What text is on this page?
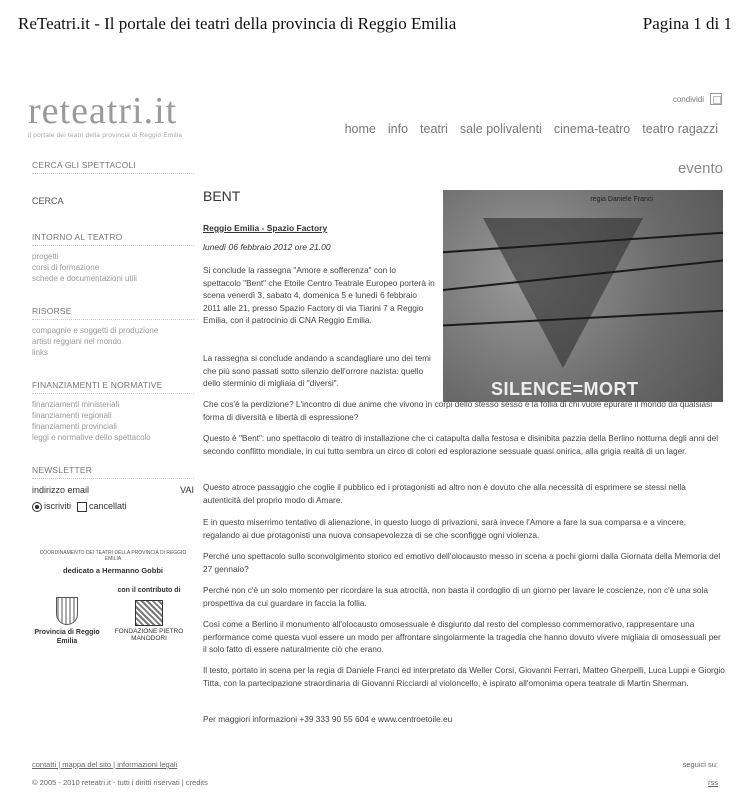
ReTeatri.it - Il portale dei teatri della provincia di Reggio Emilia	Pagina 1 di 1
reteatri.it
il portale dei teatri della provincia di Reggio Emilia
condividi
home info teatri sale polivalenti cinema-teatro teatro ragazzi
CERCA GLI SPETTACOLI
CERCA
INTORNO AL TEATRO
progetti
corsi di formazione
schede e documentazioni utili
RISORSE
compagnie e soggetti di produzione
artisti reggiani nel mondo
links
FINANZIAMENTI E NORMATIVE
finanziamenti ministeriali
finanziamenti regionali
finanziamenti provinciali
leggi e normative dello spettacolo
NEWSLETTER
indirizzo email	VAI
iscriviti	cancellati
COORDINAMENTO DEI TEATRI DELLA PROVINCIA DI REGGIO EMILIA
dedicato a Hermanno Gobbi
Provincia di Reggio Emilia
con il contributo di
FONDAZIONE PIETRO MANODORI
evento
BENT
Reggio Emilia - Spazio Factory
lunedì 06 febbraio 2012 ore 21.00
Si conclude la rassegna "Amore e sofferenza" con lo spettacolo "Bent" che Etoile Centro Teatrale Europeo porterà in scena venerdì 3, sabato 4, domenica 5 e lunedì 6 febbraio 2011 alle 21, presso Spazio Factory di via Tiarini 7 a Reggio Emilia, con il patrocinio di CNA Reggio Emilia.
La rassegna si conclude andando a scandagliare uno dei temi che più sono passati sotto silenzio dell'orrore nazista: quello dello sterminio di migliaia di "diversi".
regia Daniele Franci
SILENCE=MORT
Che cos'è la perdizione? L'incontro di due anime che vivono in corpi dello stesso sesso e la follia di chi vuole epurare il mondo da qualsiasi forma di diversità e libertà di espressione?
Questo è "Bent": uno spettacolo di teatro di installazione che ci catapulta dalla festosa e disinibita pazzia della Berlino notturna degli anni del secondo conflitto mondiale, in cui tutto sembra un circo di colori ed esplorazione sessuale quasi onirica, alla grigia realtà di un lager.
Questo atroce passaggio che coglie il pubblico ed i protagonisti ad altro non è dovuto che alla necessità di esprimere se stessi nella autenticità del proprio modo di Amare.
E in questo miserrimo tentativo di alienazione, in questo luogo di privazioni, sarà invece l'Amore a fare la sua comparsa e a vincere, regalando ai due protagonisti una nuova consapevolezza di se che sconfigge ogni violenza.
Perché uno spettacolo sullo sconvolgimento storico ed emotivo dell'olocausto messo in scena a pochi giorni dalla Giornata della Memoria del 27 gennaio?
Perché non c'è un solo momento per ricordare la sua atrocità, non basta il cordoglio di un giorno per lavare le coscienze, non c'è una sola prospettiva da cui guardare in faccia la follia.
Così come a Berlino il monumento all'olocausto omosessuale è disgiunto dal resto del complesso commemorativo, rappresentare una performance come questa vuol essere un modo per affrontare singolarmente la tragedia che hanno dovuto vivere migliaia di omosessuali per il solo fatto di essere naturalmente ciò che erano.
Il testo, portato in scena per la regia di Daniele Franci ed interpretato da Weller Corsi, Giovanni Ferrari, Matteo Gherpelli, Luca Luppi e Giorgio Titta, con la partecipazione straordinaria di Giovanni Ricciardi al violoncello, è ispirato all'omonima opera teatrale di Martin Sherman.
Per maggiori informazioni +39 333 90 55 604 e www.centroetoile.eu
contatti | mappa del sito | informazioni legali
© 2005 - 2010 reteatri.it - tutti i diritti riservati | credits
seguici su:
rss
